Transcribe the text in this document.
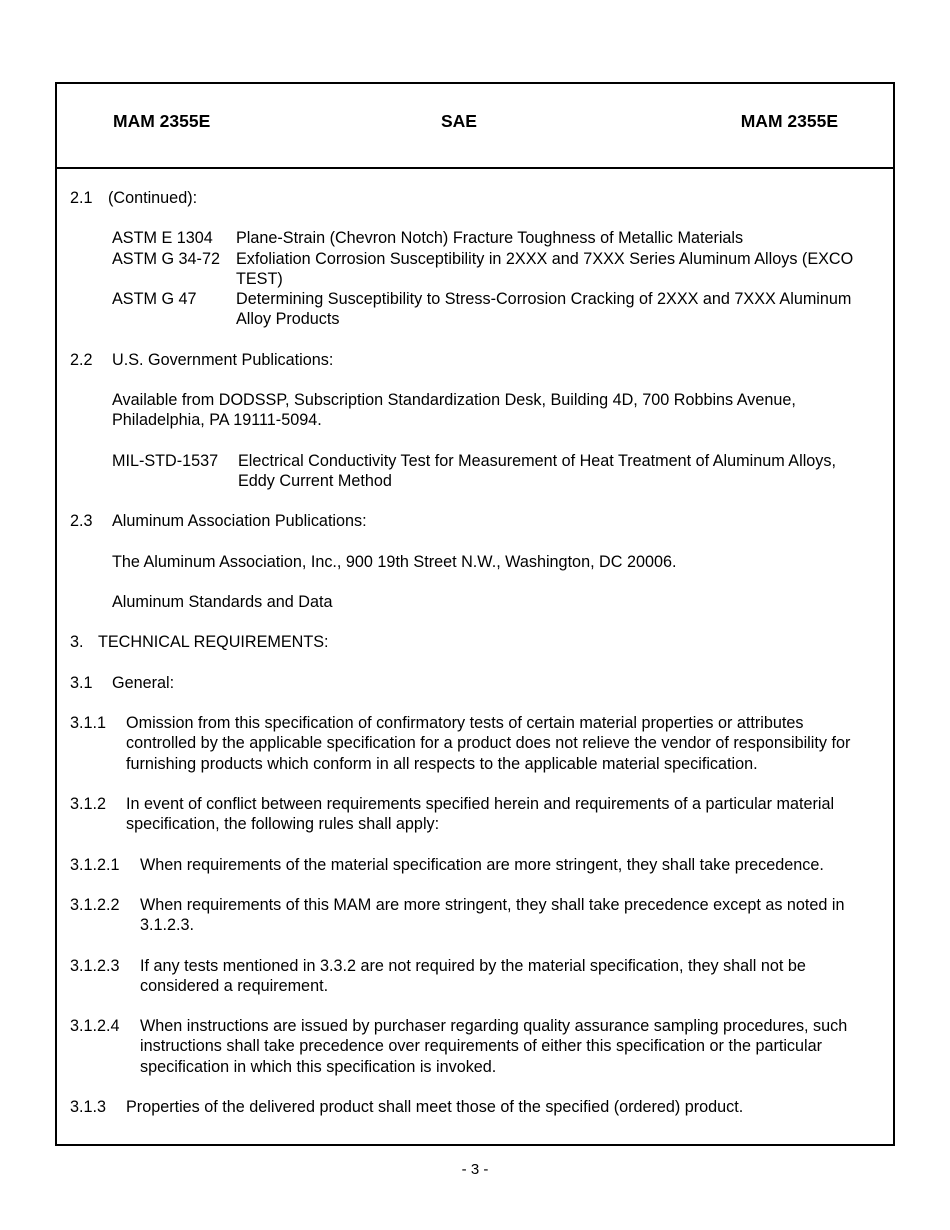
MAM 2355E	SAE	MAM 2355E
2.1 (Continued):
ASTM E 1304 Plane-Strain (Chevron Notch) Fracture Toughness of Metallic Materials
ASTM G 34-72 Exfoliation Corrosion Susceptibility in 2XXX and 7XXX Series Aluminum Alloys (EXCO TEST)
ASTM G 47 Determining Susceptibility to Stress-Corrosion Cracking of 2XXX and 7XXX Aluminum Alloy Products
2.2 U.S. Government Publications:
Available from DODSSP, Subscription Standardization Desk, Building 4D, 700 Robbins Avenue, Philadelphia, PA 19111-5094.
MIL-STD-1537 Electrical Conductivity Test for Measurement of Heat Treatment of Aluminum Alloys, Eddy Current Method
2.3 Aluminum Association Publications:
The Aluminum Association, Inc., 900 19th Street N.W., Washington, DC 20006.
Aluminum Standards and Data
3. TECHNICAL REQUIREMENTS:
3.1 General:
3.1.1 Omission from this specification of confirmatory tests of certain material properties or attributes controlled by the applicable specification for a product does not relieve the vendor of responsibility for furnishing products which conform in all respects to the applicable material specification.
3.1.2 In event of conflict between requirements specified herein and requirements of a particular material specification, the following rules shall apply:
3.1.2.1 When requirements of the material specification are more stringent, they shall take precedence.
3.1.2.2 When requirements of this MAM are more stringent, they shall take precedence except as noted in 3.1.2.3.
3.1.2.3 If any tests mentioned in 3.3.2 are not required by the material specification, they shall not be considered a requirement.
3.1.2.4 When instructions are issued by purchaser regarding quality assurance sampling procedures, such instructions shall take precedence over requirements of either this specification or the particular specification in which this specification is invoked.
3.1.3 Properties of the delivered product shall meet those of the specified (ordered) product.
- 3 -
